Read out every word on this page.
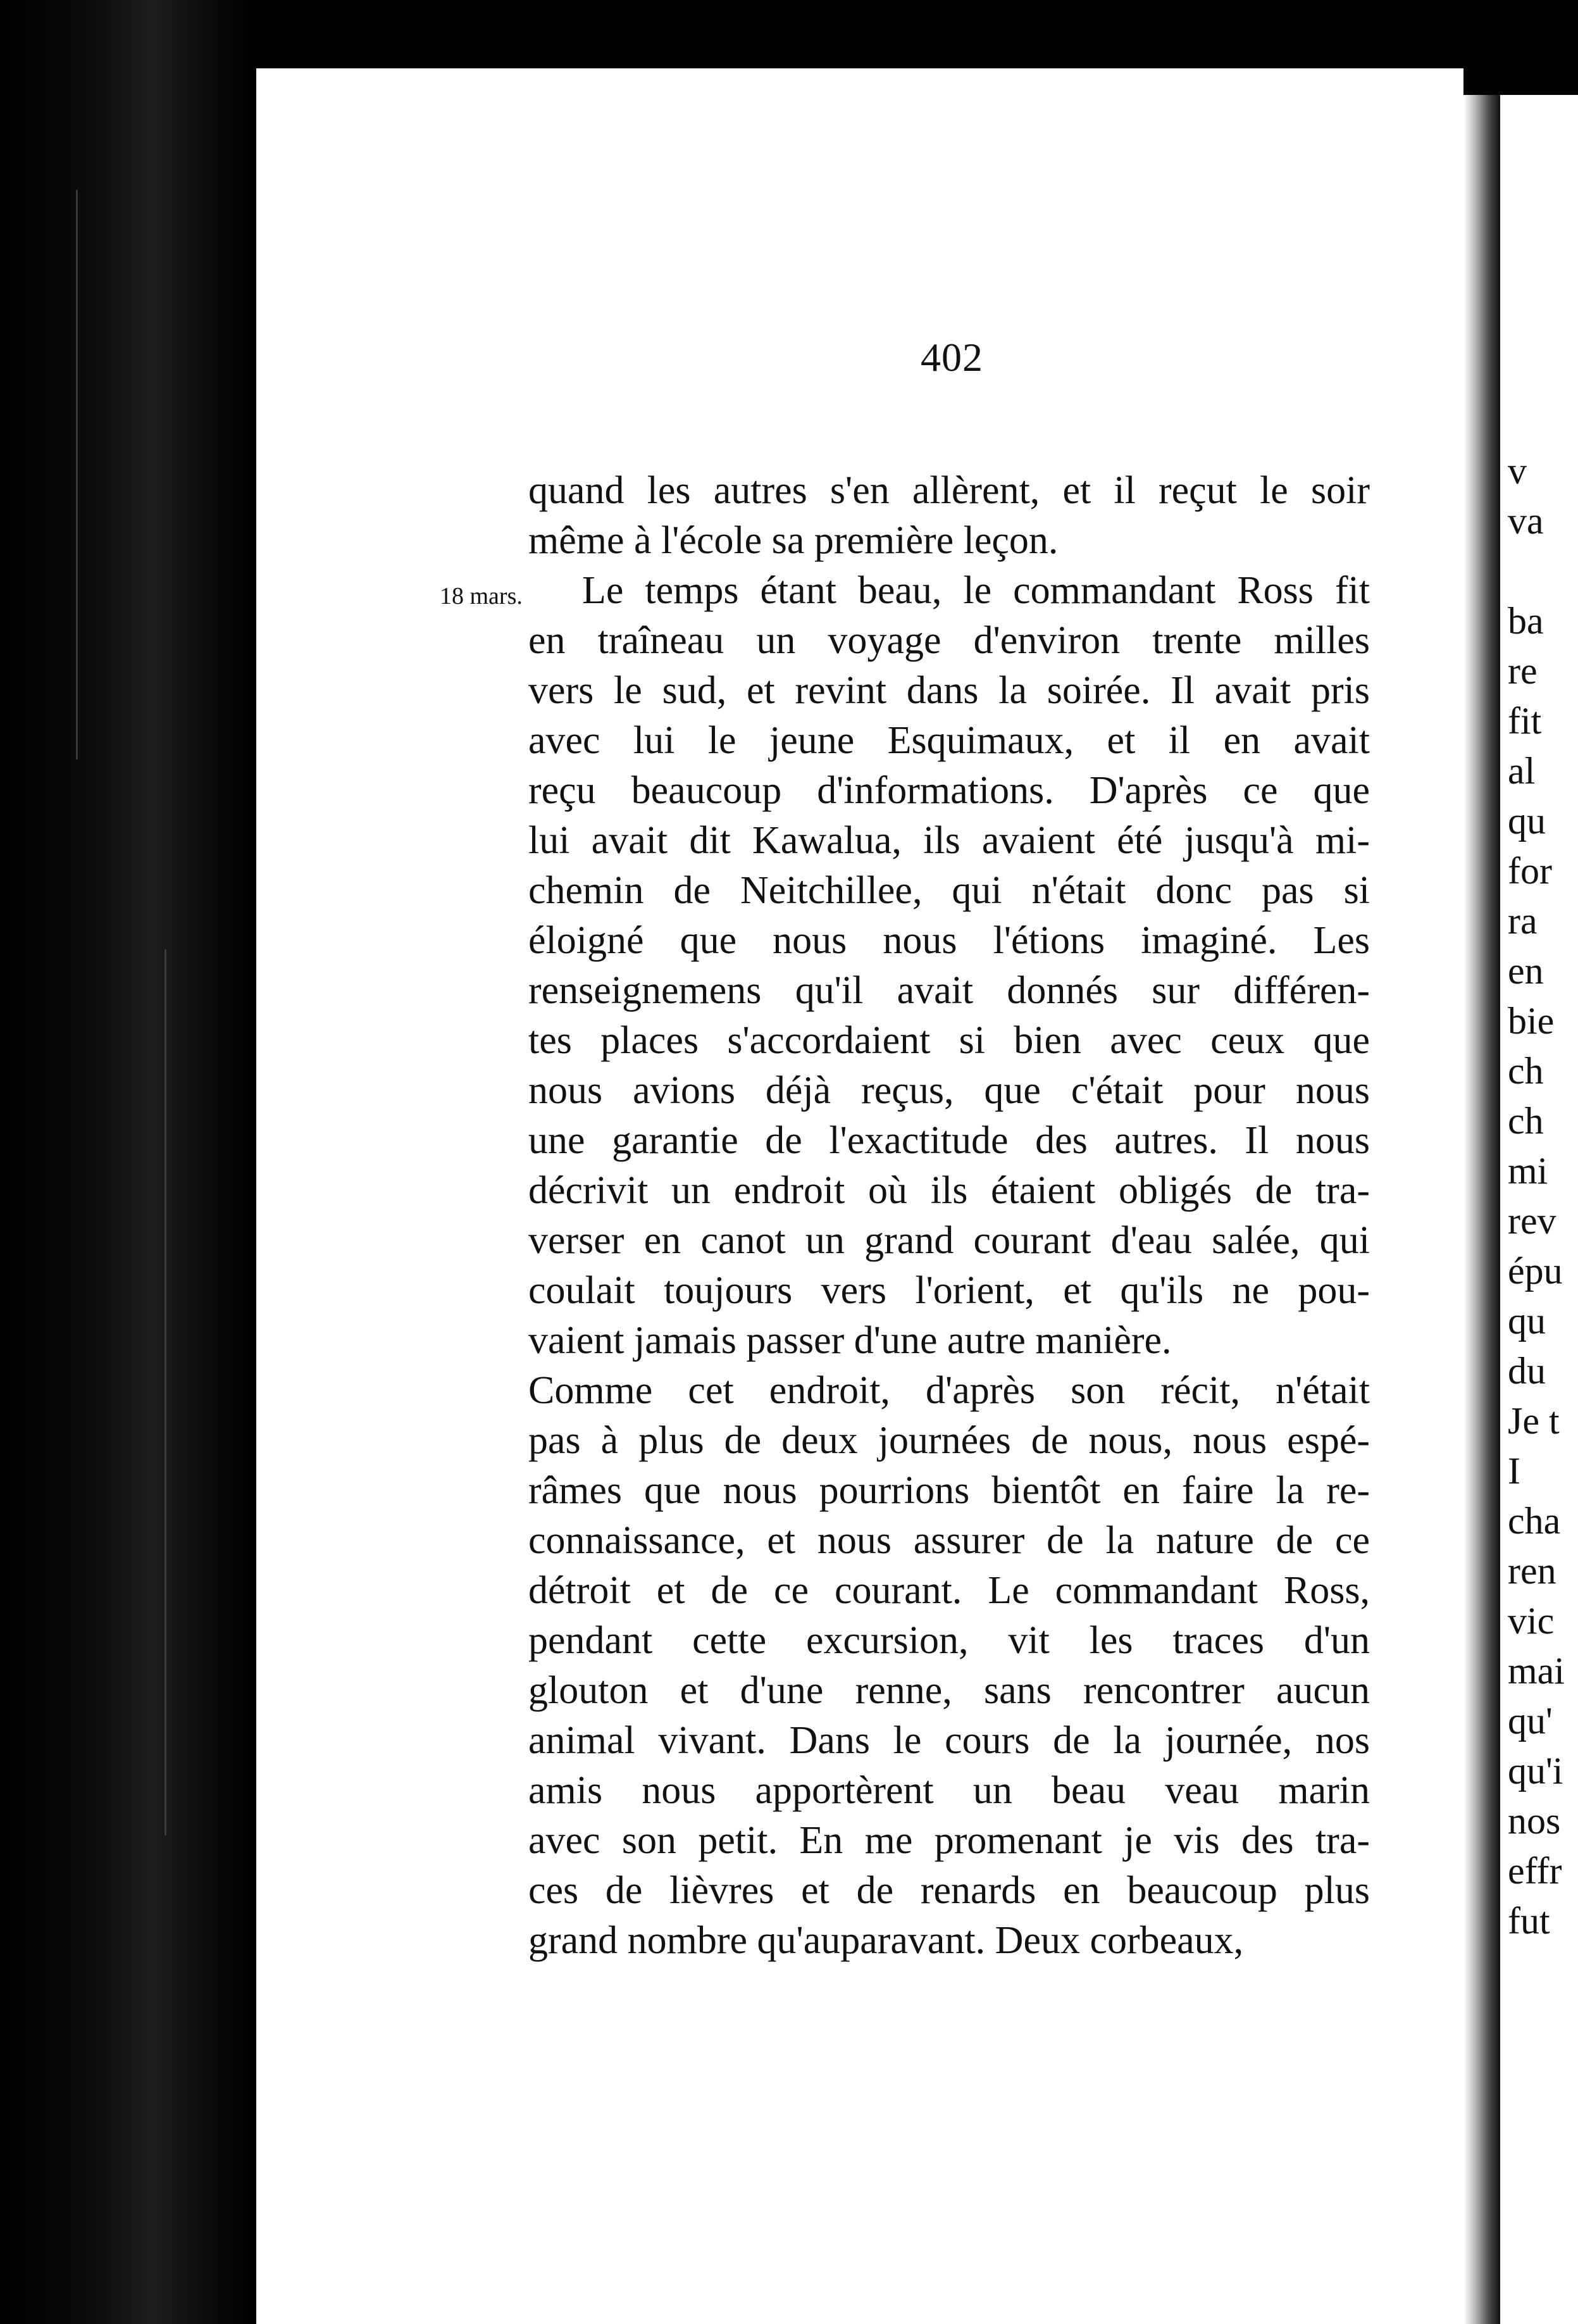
402
18 mars.
quand les autres s'en allèrent, et il reçut le soir
même à l'école sa première leçon.
Le temps étant beau, le commandant Ross fit
en traîneau un voyage d'environ trente milles
vers le sud, et revint dans la soirée. Il avait pris
avec lui le jeune Esquimaux, et il en avait
reçu beaucoup d'informations. D'après ce que
lui avait dit Kawalua, ils avaient été jusqu'à mi-
chemin de Neitchillee, qui n'était donc pas si
éloigné que nous nous l'étions imaginé. Les
renseignemens qu'il avait donnés sur différen-
tes places s'accordaient si bien avec ceux que
nous avions déjà reçus, que c'était pour nous
une garantie de l'exactitude des autres. Il nous
décrivit un endroit où ils étaient obligés de tra-
verser en canot un grand courant d'eau salée, qui
coulait toujours vers l'orient, et qu'ils ne pou-
vaient jamais passer d'une autre manière.
Comme cet endroit, d'après son récit, n'était
pas à plus de deux journées de nous, nous espé-
râmes que nous pourrions bientôt en faire la re-
connaissance, et nous assurer de la nature de ce
détroit et de ce courant. Le commandant Ross,
pendant cette excursion, vit les traces d'un
glouton et d'une renne, sans rencontrer aucun
animal vivant. Dans le cours de la journée, nos
amis nous apportèrent un beau veau marin
avec son petit. En me promenant je vis des tra-
ces de lièvres et de renards en beaucoup plus
grand nombre qu'auparavant. Deux corbeaux,
v
va
ba
re
fit
al
qu
for
ra
en
bie
ch
ch
mi
rev
épu
qu
du
Je t
I
cha
ren
vic
mai
qu'
qu'i
nos
effr
fut
